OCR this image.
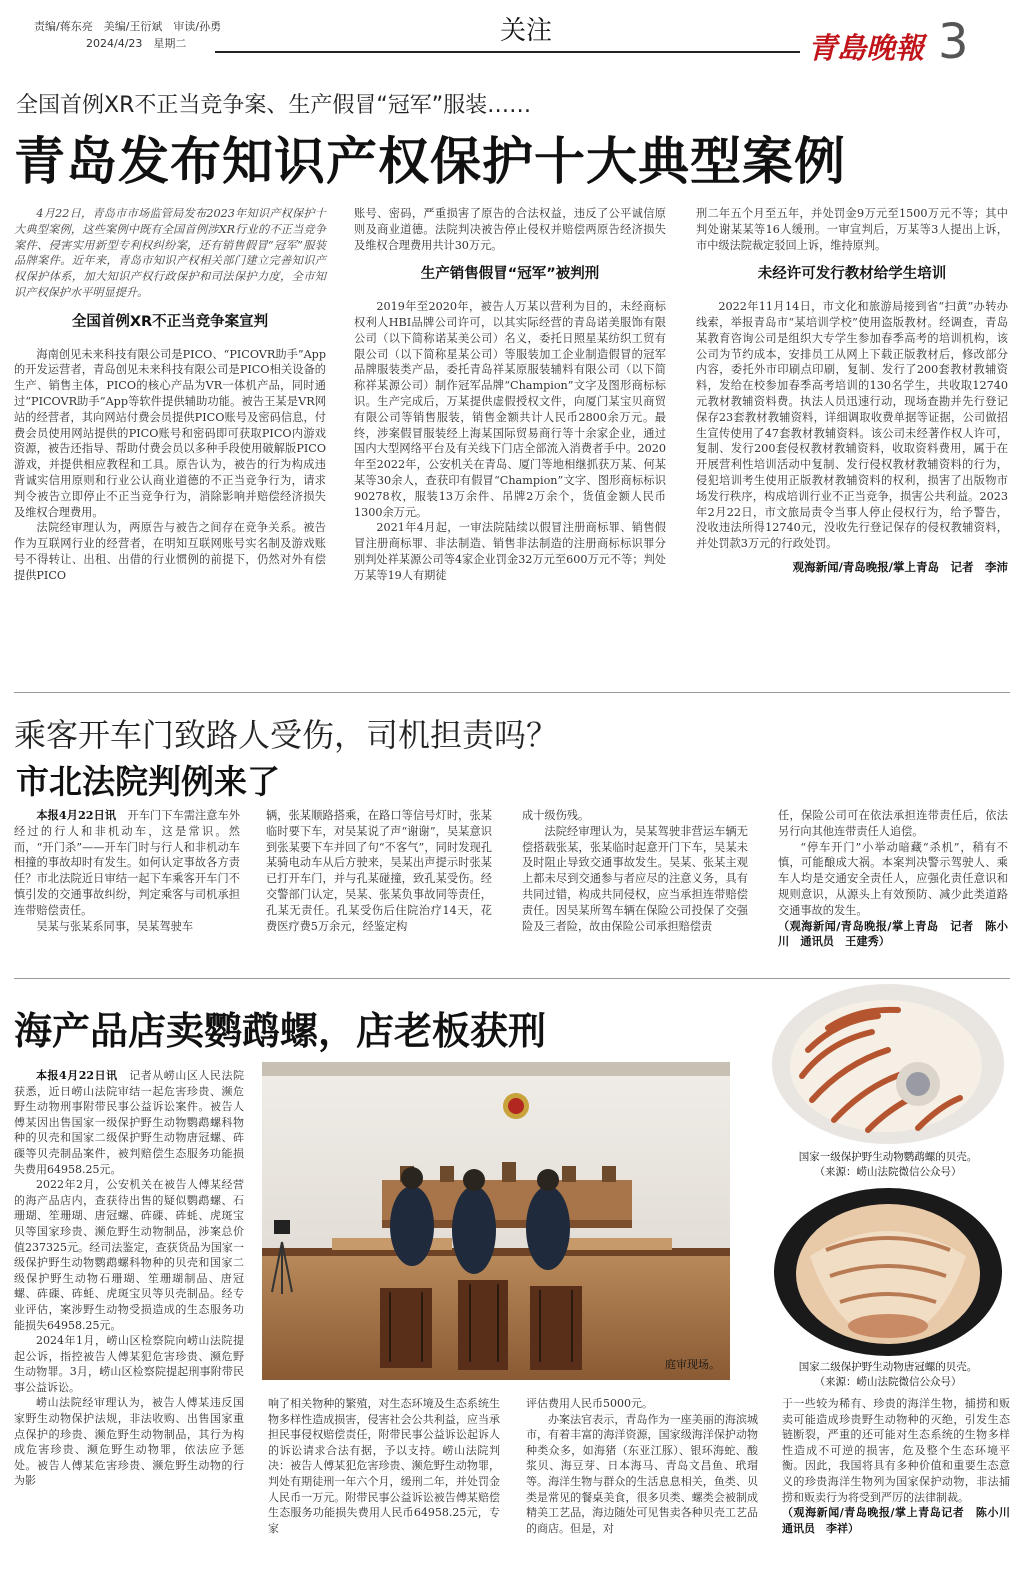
责编/蒋东亮　美编/王衍斌　审读/孙勇
2024/4/23　星期二	关注	青島晚報 3
全国首例XR不正当竞争案、生产假冒“冠军”服装……
青岛发布知识产权保护十大典型案例

4月22日，青岛市市场监管局发布2023年知识产权保护十大典型案例，这些案例中既有全国首例涉XR行业的不正当竞争案件、侵害实用新型专利权纠纷案，还有销售假冒“冠军”服装品牌案件。近年来，青岛市知识产权相关部门建立完善知识产权保护体系，加大知识产权行政保护和司法保护力度，全市知识产权保护水平明显提升。

全国首例XR不正当竞争案宣判

海南创见未来科技有限公司是PICO、“PICOVR助手”App的开发运营者，青岛创见未来科技有限公司是PICO相关设备的生产、销售主体，PICO的核心产品为VR一体机产品，同时通过“PICOVR助手”App等软件提供辅助功能。被告王某是VR网站的经营者，其向网站付费会员提供PICO账号及密码信息，付费会员使用网站提供的PICO账号和密码即可获取PICO内游戏资源，被告还指导、帮助付费会员以多种手段使用破解版PICO游戏，并提供相应教程和工具。原告认为，被告的行为构成违背诚实信用原则和行业公认商业道德的不正当竞争行为，请求判令被告立即停止不正当竞争行为，消除影响并赔偿经济损失及维权合理费用。

法院经审理认为，两原告与被告之间存在竞争关系。被告作为互联网行业的经营者，在明知互联网账号实名制及游戏账号不得转让、出租、出借的行业惯例的前提下，仍然对外有偿提供PICO

账号、密码，严重损害了原告的合法权益，违反了公平诚信原则及商业道德。法院判决被告停止侵权并赔偿两原告经济损失及维权合理费用共计30万元。

生产销售假冒“冠军”被判刑

2019年至2020年，被告人万某以营利为目的，未经商标权利人HBI品牌公司许可，以其实际经营的青岛诺美服饰有限公司（以下简称诺某美公司）名义，委托日照星某纺织工贸有限公司（以下简称星某公司）等服装加工企业制造假冒的冠军品牌服装类产品，委托青岛祥某原服装辅料有限公司（以下简称祥某源公司）制作冠军品牌“Champion”文字及图形商标标识。生产完成后，万某提供虚假授权文件，向厦门某宝贝商贸有限公司等销售服装，销售金额共计人民币2800余万元。最终，涉案假冒服装经上海某国际贸易商行等十余家企业，通过国内大型网络平台及有关线下门店全部流入消费者手中。2020年至2022年，公安机关在青岛、厦门等地相继抓获万某、何某某等30余人，查获印有假冒“Champion”文字、图形商标标识90278枚，服装13万余件、吊牌2万余个，货值金额人民币1300余万元。

2021年4月起，一审法院陆续以假冒注册商标罪、销售假冒注册商标罪、非法制造、销售非法制造的注册商标标识罪分别判处祥某源公司等4家企业罚金32万元至600万元不等；判处万某等19人有期徒

刑二年五个月至五年，并处罚金9万元至1500万元不等；其中判处谢某某等16人缓刑。一审宣判后，万某等3人提出上诉，市中级法院裁定驳回上诉，维持原判。

未经许可发行教材给学生培训

2022年11月14日，市文化和旅游局接到省“扫黄”办转办线索，举报青岛市“某培训学校”使用盗版教材。经调查，青岛某教育咨询公司是组织大专学生参加春季高考的培训机构，该公司为节约成本，安排员工从网上下载正版教材后，修改部分内容，委托外市印刷点印刷，复制、发行了200套教材教辅资料，发给在校参加春季高考培训的130名学生，共收取12740元教材教辅资料费。执法人员迅速行动，现场查勘并先行登记保存23套教材教辅资料，详细调取收费单据等证据，公司做招生宣传使用了47套教材教辅资料。该公司未经著作权人许可，复制、发行200套侵权教材教辅资料，收取资料费用，属于在开展营利性培训活动中复制、发行侵权教材教辅资料的行为，侵犯培训考生使用正版教材教辅资料的权利，损害了出版物市场发行秩序，构成培训行业不正当竞争，损害公共利益。2023年2月22日，市文旅局责令当事人停止侵权行为，给予警告，没收违法所得12740元，没收先行登记保存的侵权教辅资料，并处罚款3万元的行政处罚。

观海新闻/青岛晚报/掌上青岛　记者　李沛
乘客开车门致路人受伤，司机担责吗？
市北法院判例来了

本报4月22日讯　 开车门下车需注意车外经过的行人和非机动车，这是常识。然而，“开门杀”——开车门时与行人和非机动车相撞的事故却时有发生。如何认定事故各方责任？市北法院近日审结一起下车乘客开车门不慎引发的交通事故纠纷，判定乘客与司机承担连带赔偿责任。

吴某与张某系同事，吴某驾驶车

辆，张某顺路搭乘，在路口等信号灯时，张某临时要下车，对吴某说了声“谢谢”，吴某意识到张某要下车并回了句“不客气”，同时发现孔某骑电动车从后方驶来，吴某出声提示时张某已打开车门，并与孔某碰撞，致孔某受伤。经交警部门认定，吴某、张某负事故同等责任，孔某无责任。孔某受伤后住院治疗14天，花费医疗费5万余元，经鉴定构

成十级伤残。

法院经审理认为，吴某驾驶非营运车辆无偿搭载张某，张某临时起意开门下车，吴某未及时阻止导致交通事故发生。吴某、张某主观上都未尽到交通参与者应尽的注意义务，具有共同过错，构成共同侵权，应当承担连带赔偿责任。因吴某所驾车辆在保险公司投保了交强险及三者险，故由保险公司承担赔偿责

任，保险公司可在依法承担连带责任后，依法另行向其他连带责任人追偿。

“停车开门”小举动暗藏“杀机”，稍有不慎，可能酿成大祸。本案判决警示驾驶人、乘车人均是交通安全责任人，应强化责任意识和规则意识，从源头上有效预防、减少此类道路交通事故的发生。

（观海新闻/青岛晚报/掌上青岛　记者　陈小川　通讯员　王建秀）

海产品店卖鹦鹉螺，店老板获刑

本报4月22日讯　 记者从崂山区人民法院获悉，近日崂山法院审结一起危害珍贵、濒危野生动物刑事附带民事公益诉讼案件。被告人傅某因出售国家一级保护野生动物鹦鹉螺科物种的贝壳和国家二级保护野生动物唐冠螺、砗磲等贝壳制品案件，被判赔偿生态服务功能损失费用64958.25元。

2022年2月，公安机关在被告人傅某经营的海产品店内，查获待出售的疑似鹦鹉螺、石珊瑚、笙珊瑚、唐冠螺、砗磲、砗蚝、虎斑宝贝等国家珍贵、濒危野生动物制品，涉案总价值237325元。经司法鉴定，查获货品为国家一级保护野生动物鹦鹉螺科物种的贝壳和国家二级保护野生动物石珊瑚、笙珊瑚制品、唐冠螺、砗磲、砗蚝、虎斑宝贝等贝壳制品。经专业评估，案涉野生动物受损造成的生态服务功能损失64958.25元。

2024年1月，崂山区检察院向崂山法院提起公诉，指控被告人傅某犯危害珍贵、濒危野生动物罪。3月，崂山区检察院提起刑事附带民事公益诉讼。

崂山法院经审理认为，被告人傅某违反国家野生动物保护法规，非法收购、出售国家重点保护的珍贵、濒危野生动物制品，其行为构成危害珍贵、濒危野生动物罪，依法应予惩处。被告人傅某危害珍贵、濒危野生动物的行为影

庭审现场。
国家一级保护野生动物鹦鹉螺的贝壳。
（来源：崂山法院微信公众号）
国家二级保护野生动物唐冠螺的贝壳。
（来源：崂山法院微信公众号）

响了相关物种的繁殖，对生态环境及生态系统生物多样性造成损害，侵害社会公共利益，应当承担民事侵权赔偿责任，附带民事公益诉讼起诉人的诉讼请求合法有据，予以支持。崂山法院判决：被告人傅某犯危害珍贵、濒危野生动物罪，判处有期徒刑一年六个月，缓刑二年，并处罚金人民币一万元。附带民事公益诉讼被告傅某赔偿生态服务功能损失费用人民币64958.25元，专家

评估费用人民币5000元。

办案法官表示，青岛作为一座美丽的海滨城市，有着丰富的海洋资源，国家级海洋保护动物种类众多，如海猪（东亚江豚）、银环海蛇、酸浆贝、海豆芽、日本海马、青岛文昌鱼、玳瑁等。海洋生物与群众的生活息息相关，鱼类、贝类是常见的餐桌美食，很多贝类、螺类会被制成精美工艺品，海边随处可见售卖各种贝壳工艺品的商店。但是，对

于一些较为稀有、珍贵的海洋生物，捕捞和贩卖可能造成珍贵野生动物种的灭绝，引发生态链断裂，严重的还可能对生态系统的生物多样性造成不可逆的损害，危及整个生态环境平衡。因此，我国将具有多种价值和重要生态意义的珍贵海洋生物列为国家保护动物，非法捕捞和贩卖行为将受到严厉的法律制裁。

（观海新闻/青岛晚报/掌上青岛记者　陈小川　通讯员　李祥）
